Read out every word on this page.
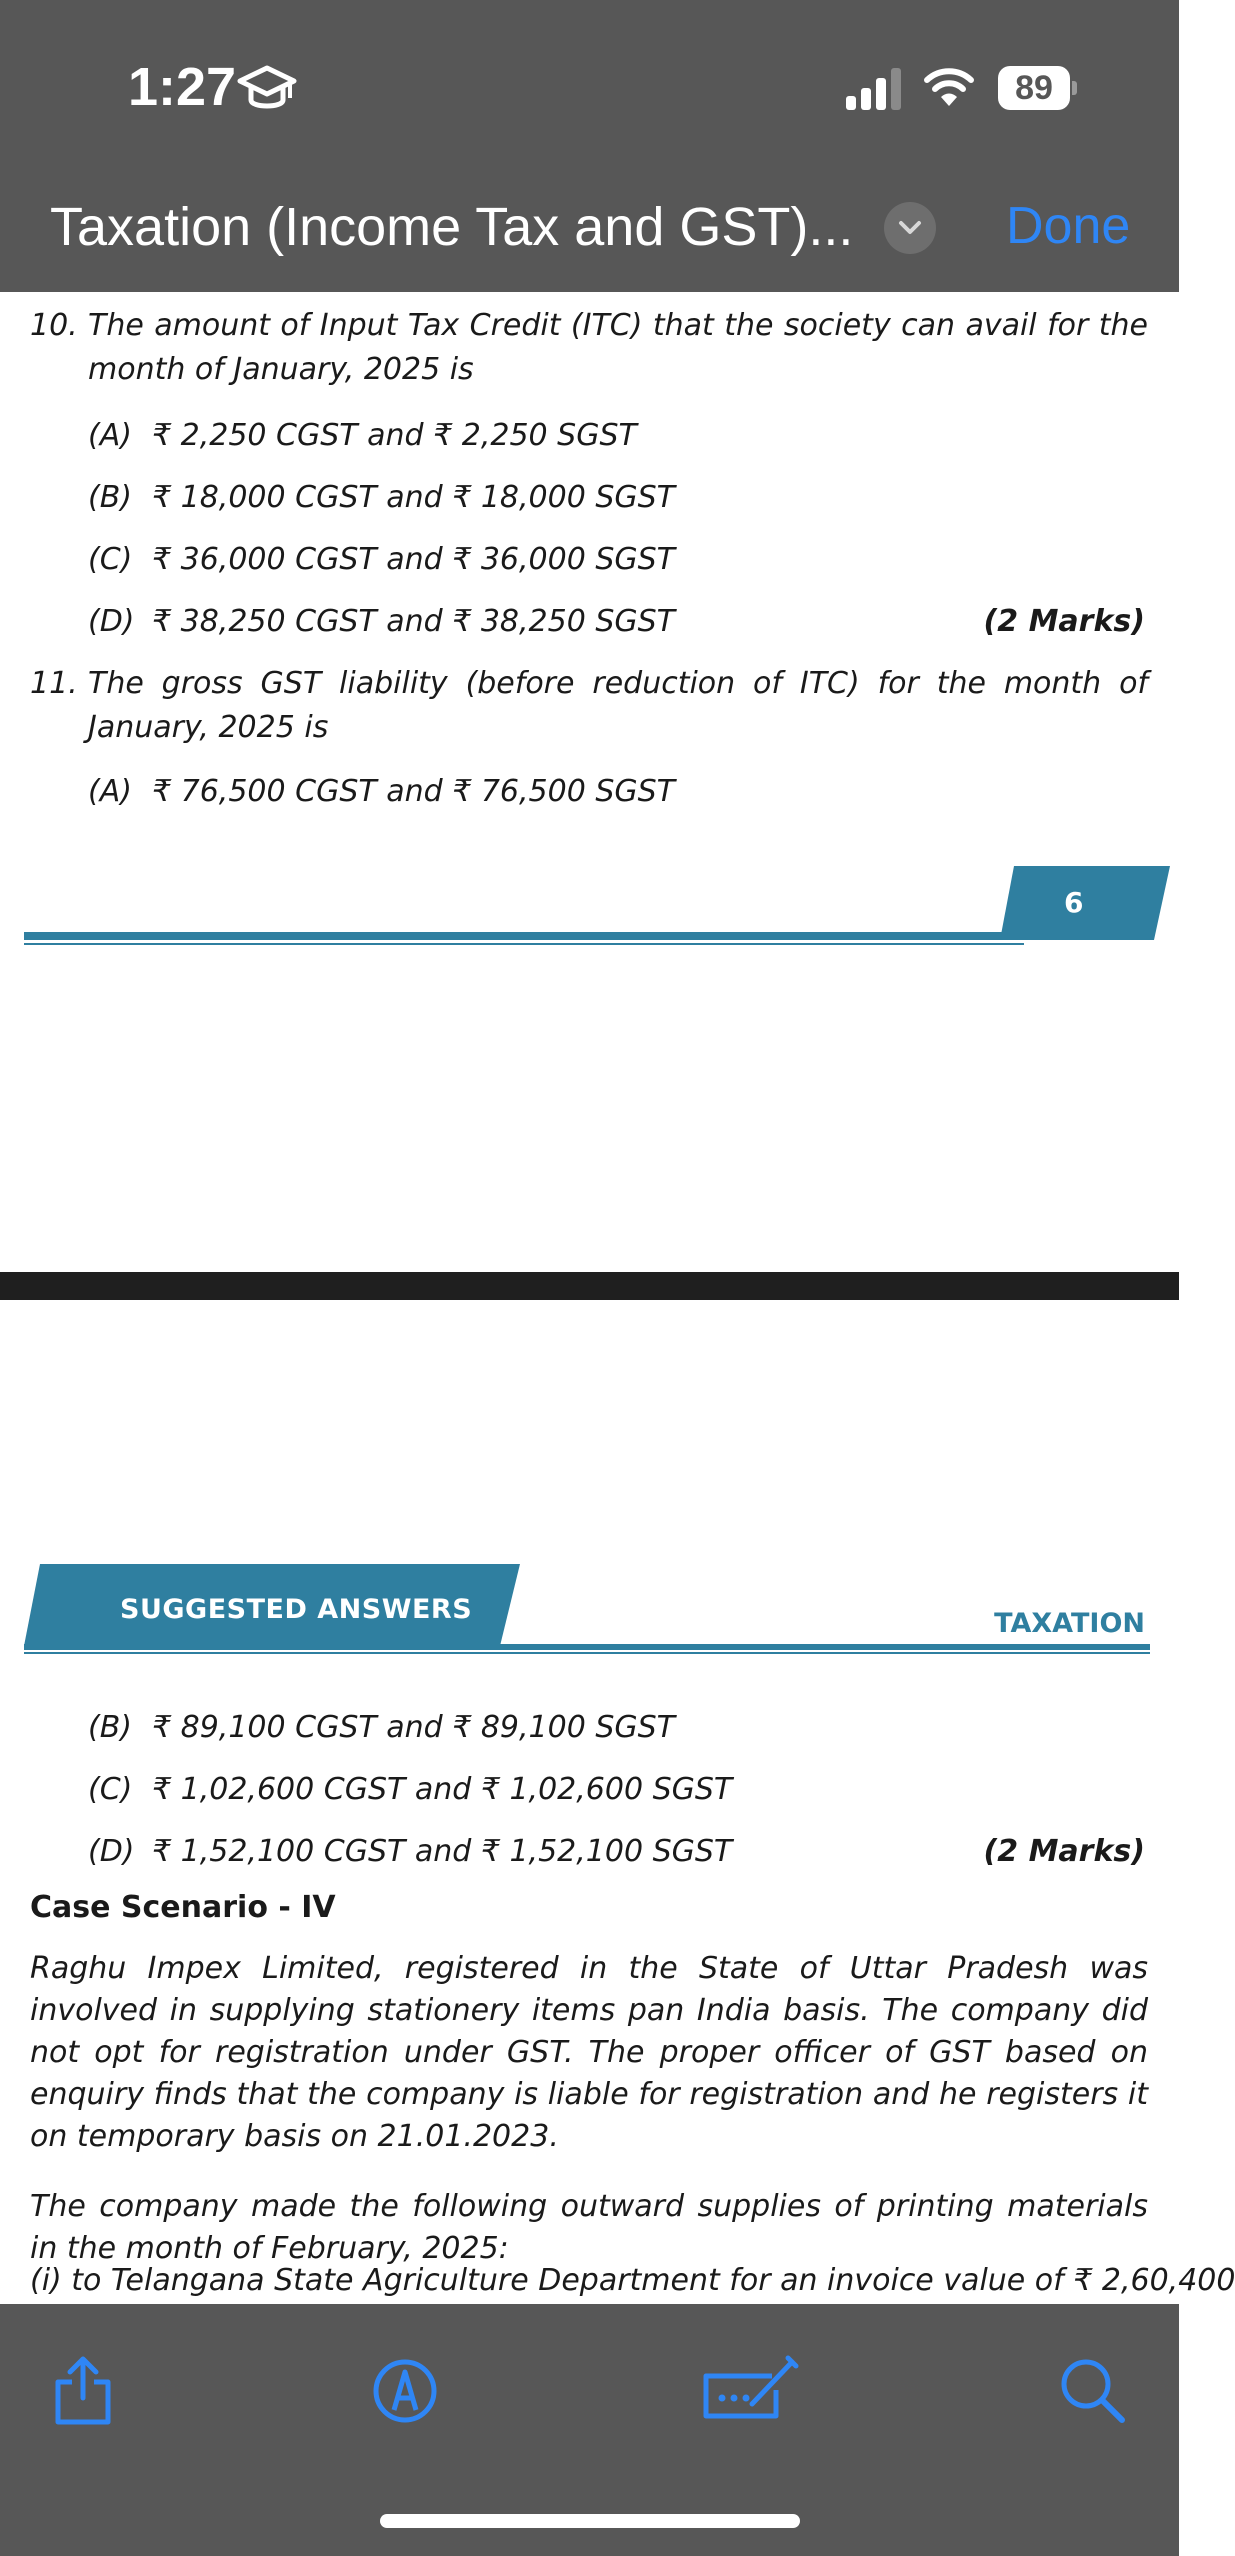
1:27	89
Taxation (Income Tax and GST)...	Done
10. The amount of Input Tax Credit (ITC) that the society can avail for the month of January, 2025 is
(A) ₹ 2,250 CGST and ₹ 2,250 SGST
(B) ₹ 18,000 CGST and ₹ 18,000 SGST
(C) ₹ 36,000 CGST and ₹ 36,000 SGST
(D) ₹ 38,250 CGST and ₹ 38,250 SGST	(2 Marks)
11. The gross GST liability (before reduction of ITC) for the month of January, 2025 is
(A) ₹ 76,500 CGST and ₹ 76,500 SGST
6
SUGGESTED ANSWERS	TAXATION
(B) ₹ 89,100 CGST and ₹ 89,100 SGST
(C) ₹ 1,02,600 CGST and ₹ 1,02,600 SGST
(D) ₹ 1,52,100 CGST and ₹ 1,52,100 SGST	(2 Marks)
Case Scenario - IV
Raghu Impex Limited, registered in the State of Uttar Pradesh was involved in supplying stationery items pan India basis. The company did not opt for registration under GST. The proper officer of GST based on enquiry finds that the company is liable for registration and he registers it on temporary basis on 21.01.2023.
The company made the following outward supplies of printing materials in the month of February, 2025:
(i) to Telangana State Agriculture Department for an invoice value of ₹ 2,60,400
